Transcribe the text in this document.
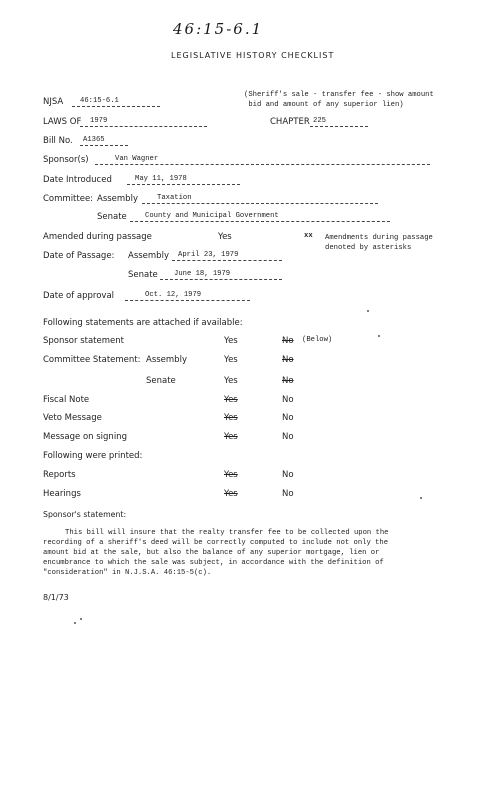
46:15-6.1
LEGISLATIVE HISTORY CHECKLIST
NJSA 46:15-6.1
(Sheriff's sale - transfer fee - show amount
bid and amount of any superior lien)
LAWS OF 1979	CHAPTER 225
Bill No. A1365
Sponsor(s)	Van Wagner
Date Introduced	May 11, 1978
Committee: Assembly	Taxation
Senate	County and Municipal Government
Amended during passage	Yes	xx Amendments during passage
denoted by asterisks
Date of Passage: Assembly April 23, 1979
Senate June 18, 1979
Date of approval	Oct. 12, 1979
Following statements are attached if available:
Sponsor statement	Yes	No (Below)
Committee Statement: Assembly	Yes	No
Senate	Yes	No
Fiscal Note	Yes	No
Veto Message	Yes	No
Message on signing	Yes	No
Following were printed:
Reports	Yes	No
Hearings	Yes	No
Sponsor's statement:
This bill will insure that the realty transfer fee to be collected upon the
recording of a sheriff's deed will be correctly computed to include not only the
amount bid at the sale, but also the balance of any superior mortgage, lien or
encumbrance to which the sale was subject, in accordance with the definition of
"consideration" in N.J.S.A. 46:15-5(c).
8/1/73
